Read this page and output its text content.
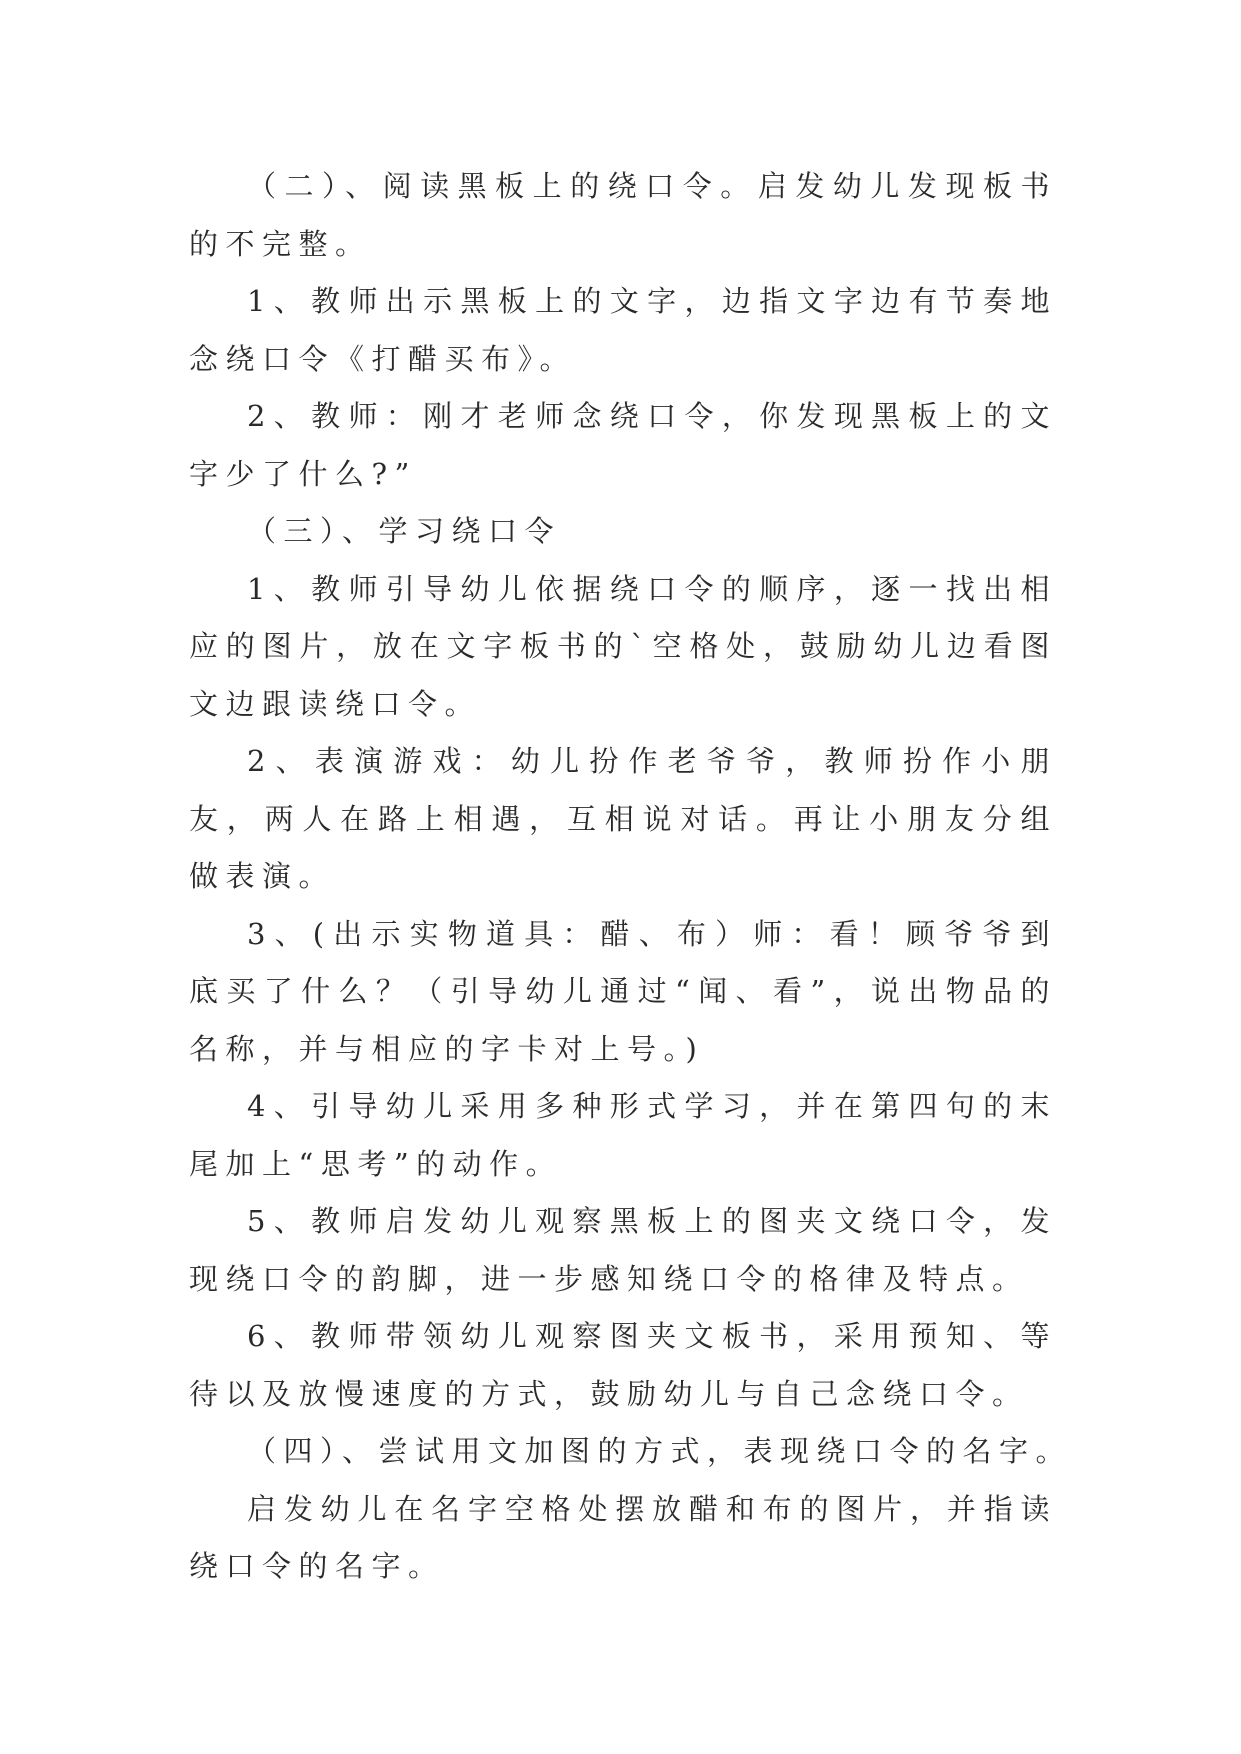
（二）、阅读黑板上的绕口令。启发幼儿发现板书的不完整。

1、教师出示黑板上的文字，边指文字边有节奏地念绕口令《打醋买布》。

2、教师：刚才老师念绕口令，你发现黑板上的文字少了什么?”

（三）、学习绕口令

1、教师引导幼儿依据绕口令的顺序，逐一找出相应的图片，放在文字板书的`空格处，鼓励幼儿边看图文边跟读绕口令。

2、表演游戏：幼儿扮作老爷爷，教师扮作小朋友，两人在路上相遇，互相说对话。再让小朋友分组做表演。

3、(出示实物道具：醋、布）师：看！顾爷爷到底买了什么？（引导幼儿通过“闻、看”，说出物品的名称，并与相应的字卡对上号。)

4、引导幼儿采用多种形式学习，并在第四句的末尾加上“思考”的动作。

5、教师启发幼儿观察黑板上的图夹文绕口令，发现绕口令的韵脚，进一步感知绕口令的格律及特点。

6、教师带领幼儿观察图夹文板书，采用预知、等待以及放慢速度的方式，鼓励幼儿与自己念绕口令。

（四）、尝试用文加图的方式，表现绕口令的名字。

启发幼儿在名字空格处摆放醋和布的图片，并指读绕口令的名字。
